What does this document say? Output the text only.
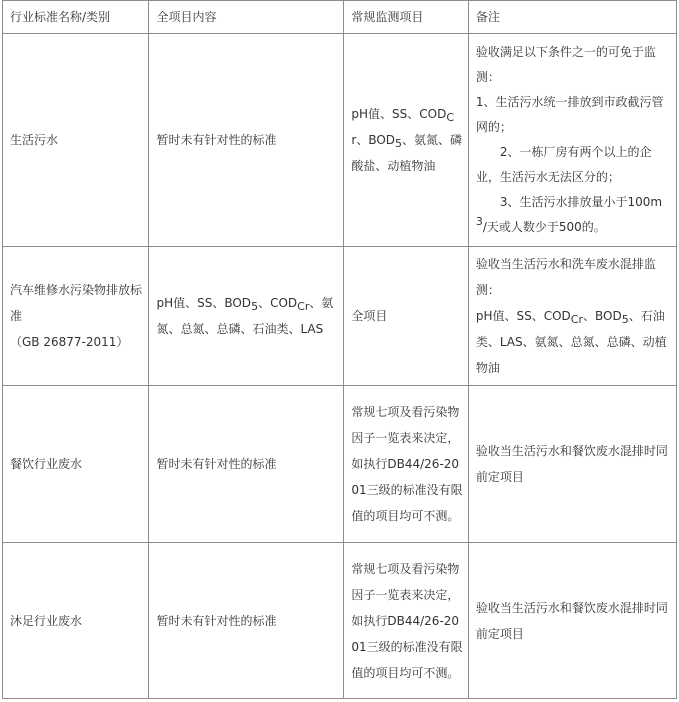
行业标准名称/类别	全项目内容	常规监测项目	备注
生活污水	暂时未有针对性的标准	pH值、SS、$COD_Cr$、$BOD_5$、氨氮、磷酸盐、动植物油	验收满足以下条件之一的可免于监测：
1、生活污水统一排放到市政截污管网的；
2、一栋厂房有两个以上的企业，生活污水无法区分的；
3、生活污水排放量小于$100m^3/$天或人数少于500的。

汽车维修水污染物排放标准
（GB 26877-2011）	pH值、SS、$BOD_5$、$COD_{Cr}$、氨氮、总氮、总磷、石油类、LAS	全项目	验收当生活污水和洗车废水混排监测：
pH值、SS、$COD_{Cr}$、$BOD_5$、石油类、LAS、氨氮、总氮、总磷、动植物油

餐饮行业废水	暂时未有针对性的标准	常规七项及看污染物因子一览表来决定，如执行DB44/26-2001三级的标准没有限值的项目均可不测。	验收当生活污水和餐饮废水混排时同前定项目
沐足行业废水	暂时未有针对性的标准	常规七项及看污染物因子一览表来决定，如执行DB44/26-2001三级的标准没有限值的项目均可不测。	验收当生活污水和餐饮废水混排时同前定项目
